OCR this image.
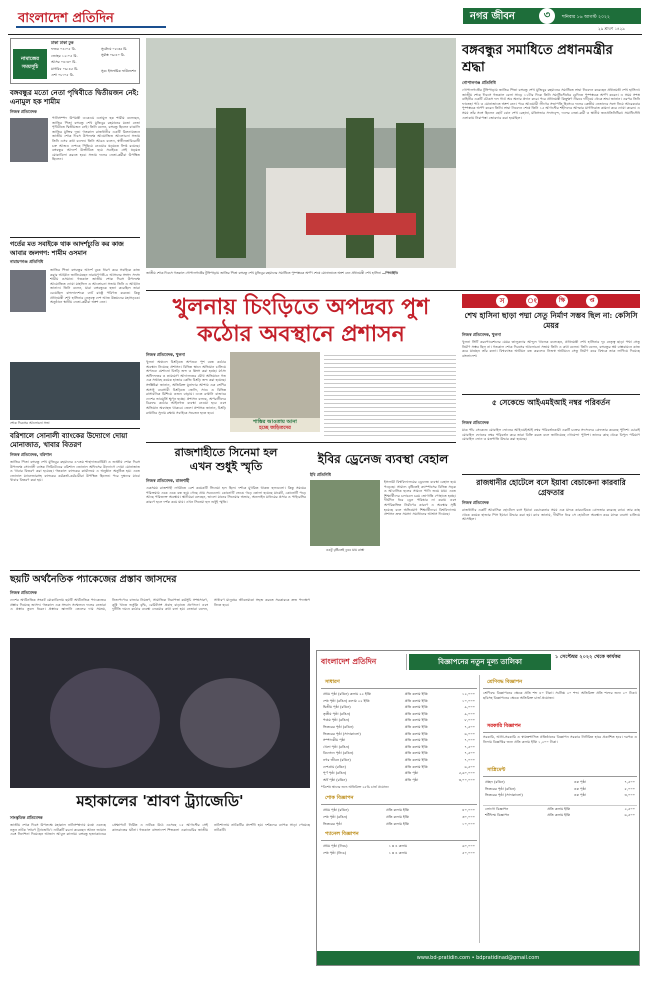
বাংলাদেশ প্রতিদিন	নগর জীবন	৩	শনিবার ১৬ আগস্ট ২০২২
২৯ শ্রাবণ ১৪২৯
ঢাকা ঢাকা ঢুক
নামাজের
সময়সূচি
ফজর ০৪:০৫ মি.
জোহর ১২:০৫ মি.
আসর ০৪:৩০ মি.
মাগরিব ০৬:৪৫ মি.
এশা ০৮:০৫ মি.
সূর্যোদয় ০৫:৩৫ মি.
সূর্যাস্ত ০৬:৪০ মি.
সূত্র: ইসলামিক ফাউন্ডেশন
বঙ্গবন্ধুর মতো নেতা পৃথিবীতে দ্বিতীয়জন নেই: এনামুল হক শামীম
নিজস্ব প্রতিবেদক
পানিসম্পদ উপমন্ত্রী একেএম এনামুল হক শামীম বলেছেন, জাতির পিতা বঙ্গবন্ধু শেখ মুজিবুর রহমানের মতো নেতা পৃথিবীতে দ্বিতীয়জন নেই। তিনি বলেন, বঙ্গবন্ধু ছিলেন বাঙালি জাতির মুক্তির দূত। গতকাল রাজধানীর একটি মিলনায়তনে জাতীয় শোক দিবস উপলক্ষে আয়োজিত আলোচনা সভায় তিনি এসব কথা বলেন। তিনি আরও বলেন, স্বাধীনতাবিরোধী চক্র আজও দেশকে পিছিয়ে নেওয়ার ষড়যন্ত্রে লিপ্ত রয়েছে। বঙ্গবন্ধুর আদর্শে উজ্জীবিত হয়ে সবাইকে সেই ষড়যন্ত্র মোকাবিলা করতে হবে। সভায় দলের নেতা-কর্মীরা উপস্থিত ছিলেন।
গর্তের মত সবাইকে থাক আদর্শচ্যুতি কর কাজ আবার জলগণ: শামীম ওসমান
নারায়ণগঞ্জ প্রতিনিধি
জাতির পিতা বঙ্গবন্ধুর আদর্শ বুকে ধারণ করে সবাইকে কাজ করার আহ্বান জানিয়েছেন নারায়ণগঞ্জ-৪ আসনের সংসদ সদস্য শামীম ওসমান। গতকাল জাতীয় শোক দিবস উপলক্ষে আয়োজিত দোয়া মাহফিল ও আলোচনা সভায় তিনি এ আহ্বান জানান। তিনি বলেন, যারা বঙ্গবন্ধুকে হত্যা করেছিল তারা চেয়েছিল বাংলাদেশকে ব্যর্থ রাষ্ট্রে পরিণত করতে। কিন্তু প্রধানমন্ত্রী শেখ হাসিনার নেতৃত্বে দেশ আজ উন্নয়নের মহাসড়কে। অনুষ্ঠানে স্থানীয় নেতা-কর্মীরা অংশ নেন।
শোক দিবসের আলোচনা সভা
বরিশালে সোনালী ব্যাংকের উদ্যোগে দোয়া মোনাজাত, খাবার বিতরণ
নিজস্ব প্রতিবেদক, বরিশাল
জাতির পিতা বঙ্গবন্ধু শেখ মুজিবুর রহমানের ৪৭তম শাহাদাতবার্ষিকী ও জাতীয় শোক দিবস উপলক্ষে সোনালী ব্যাংক লিমিটেডের বরিশাল জোনাল অফিসের উদ্যোগে দোয়া মোনাজাত ও খাবার বিতরণ করা হয়েছে। গতকাল ব্যাংকের কার্যালয়ে এ অনুষ্ঠান অনুষ্ঠিত হয়। এতে জোনাল ম্যানেজারসহ ব্যাংকের কর্মকর্তা-কর্মচারীরা উপস্থিত ছিলেন। পরে দুস্থদের মাঝে খাবার বিতরণ করা হয়।
জাতীয় শোক দিবসে গতকাল গোপালগঞ্জের টুঙ্গিপাড়ায় জাতির পিতা বঙ্গবন্ধু শেখ মুজিবুর রহমানের সমাধিতে পুষ্পস্তবক অর্পণ শেষে মোনাজাতে অংশ নেন প্রধানমন্ত্রী শেখ হাসিনা —পিআইডি
বঙ্গবন্ধুর সমাধিতে প্রধানমন্ত্রীর শ্রদ্ধা
গোপালগঞ্জ প্রতিনিধি
গোপালগঞ্জের টুঙ্গিপাড়ায় জাতির পিতা বঙ্গবন্ধু শেখ মুজিবুর রহমানের সমাধিতে শ্রদ্ধা নিবেদন করেছেন প্রধানমন্ত্রী শেখ হাসিনা। জাতীয় শোক দিবসে গতকাল বেলা সাড়ে ১১টার দিকে তিনি সমাধিসৌধের বেদিতে পুষ্পস্তবক অর্পণ করেন। এ সময় সশস্ত্র বাহিনীর একটি চৌকস দল গার্ড অব অনার প্রদান করে। পরে প্রধানমন্ত্রী কিছুক্ষণ নীরবে দাঁড়িয়ে থেকে শ্রদ্ধা জানান। এরপর তিনি ফাতেহা পাঠ ও মোনাজাতে অংশ নেন। পরে আওয়ামী লীগের সভাপতি হিসেবে দলের কেন্দ্রীয় নেতাদের সঙ্গে নিয়ে আরেকবার পুষ্পস্তবক অর্পণ করেন তিনি। শ্রদ্ধা নিবেদন শেষে তিনি ১৫ আগস্টের শহীদদের আত্মার মাগফিরাত কামনা করে দোয়া করেন। এ সময় তাঁর সঙ্গে ছিলেন ছোট বোন শেখ রেহানা, মন্ত্রিসভার সদস্যবৃন্দ, দলের নেতা-কর্মী ও স্থানীয় জনপ্রতিনিধিরা। সমাধিসৌধ এলাকায় নিরাপত্তা জোরদার করা হয়েছিল।
খুলনায় চিংড়িতে অপদ্রব্য পুশ
কঠোর অবস্থানে প্রশাসন
নিজস্ব প্রতিবেদক, খুলনা
খুলনা অঞ্চলে চিংড়িতে অপদ্রব্য পুশ বন্ধে কঠোর অবস্থান নিয়েছে প্রশাসন। বিভিন্ন স্থানে অভিযান চালিয়ে অপদ্রব্য মেশানো চিংড়ি জব্দ ও ধ্বংস করা হচ্ছে। মৎস্য অধিদফতর ও ভ্রাম্যমাণ আদালতের যৌথ অভিযানে গত এক সপ্তাহে কয়েক হাজার কেজি চিংড়ি জব্দ করা হয়েছে। সংশ্লিষ্টরা জানান, অতিরিক্ত মুনাফার আশায় এক শ্রেণির অসাধু ব্যবসায়ী চিংড়িতে জেলি, সাগু ও বিভিন্ন রাসায়নিক মিশিয়ে ওজন বাড়ায়। এতে রপ্তানি বাজারে দেশের ভাবমূর্তি ক্ষুণ্ন হচ্ছে। প্রশাসন বলছে, অপরাধীদের বিরুদ্ধে কঠোর আইনগত ব্যবস্থা নেওয়া হবে এবং অভিযান অব্যাহত থাকবে। জেলা প্রশাসক জানান, চিংড়ি রপ্তানির সুনাম রক্ষায় সবাইকে সচেতন হতে হবে।
শাস্তির আওতায় আনা
হচ্ছে জড়িতদের
স	ং	ক্ষি	প্ত
শেখ হাসিনা ছাড়া পদ্মা সেতু নির্মাণ সম্ভব ছিল না: কেসিসি মেয়র
নিজস্ব প্রতিবেদক, খুলনা
খুলনা সিটি করপোরেশনের মেয়র তালুকদার আব্দুল খালেক বলেছেন, প্রধানমন্ত্রী শেখ হাসিনার দৃঢ় নেতৃত্ব ছাড়া পদ্মা সেতু নির্মাণ সম্ভব ছিল না। গতকাল শোক দিবসের আলোচনা সভায় তিনি এ কথা বলেন। তিনি বলেন, বঙ্গবন্ধুর স্বপ্ন বাস্তবায়নে কাজ করে যাচ্ছেন তাঁর কন্যা। বিশ্বব্যাংক অর্থায়ন বন্ধ করলেও নিজস্ব অর্থায়নে সেতু নির্মাণ করে বিশ্বকে তাক লাগিয়ে দিয়েছে বাংলাদেশ।
৫ সেকেন্ডে আইএমইআই নম্বর পরিবর্তন
নিজস্ব প্রতিবেদক
মাত্র পাঁচ সেকেন্ডে মোবাইল ফোনের আইএমইআই নম্বর পরিবর্তনকারী একটি চক্রের সদস্যদের গ্রেফতার করেছে পুলিশ। চোরাই মোবাইল ফোনের নম্বর পরিবর্তন করে তারা বিক্রি করত বলে জানিয়েছে গোয়েন্দা পুলিশ। তাদের কাছ থেকে বিপুল পরিমাণ মোবাইল ফোন ও যন্ত্রপাতি উদ্ধার করা হয়েছে।
রাজধানীর হোটেলে বসে ইয়াবা বেচাকেনা কারবারি গ্রেফতার
নিজস্ব প্রতিবেদক
রাজধানীর একটি আবাসিক হোটেলে বসে ইয়াবা বেচাকেনার সময় এক মাদক কারবারিকে গ্রেফতার করেছে র‌্যাব। তার কাছ থেকে কয়েক হাজার পিস ইয়াবা উদ্ধার করা হয়। র‌্যাব জানায়, দীর্ঘদিন ধরে সে হোটেলে অবস্থান করে মাদক ব্যবসা চালিয়ে আসছিল।
রাজশাহীতে সিনেমা হল
এখন শুধুই স্মৃতি
নিজস্ব প্রতিবেদক, রাজশাহী
একসময় রাজশাহী নগরীতে বেশ কয়েকটি সিনেমা হল ছিল। দর্শকে মুখরিত থাকত হলগুলো। কিন্তু সময়ের পরিক্রমায় একে একে বন্ধ হয়ে গেছে প্রায় সবগুলো। কোনোটি ভেঙে গড়ে তোলা হয়েছে মার্কেট, কোনোটি পড়ে আছে পরিত্যক্ত অবস্থায়। স্থানীয়রা বলছেন, ভালো মানের সিনেমার অভাব, অনলাইন মাধ্যমের প্রসার ও পাইরেসির কারণে হলে দর্শক কমে যায়। এখন সিনেমা হল শুধুই স্মৃতি।
ইবির ড্রেনেজ ব্যবস্থা বেহাল
ইবি প্রতিনিধি
ইসলামী বিশ্ববিদ্যালয়ের ড্রেনেজ ব্যবস্থা বেহাল হয়ে পড়েছে। সামান্য বৃষ্টিতেই ক্যাম্পাসের বিভিন্ন সড়ক ও আবাসিক হলের সামনে পানি জমে যায়। এতে শিক্ষার্থীদের চলাচলে চরম ভোগান্তি পোহাতে হচ্ছে। দীর্ঘদিন ধরে ড্রেন পরিষ্কার না করায় এবং অপরিকল্পিত নির্মাণের কারণে এ অবস্থার সৃষ্টি হয়েছে বলে অভিযোগ শিক্ষার্থীদের। বিশ্ববিদ্যালয় প্রশাসন দ্রুত সমস্যা সমাধানের আশ্বাস দিয়েছে।
একটু বৃষ্টিতেই ডুবে যায় রাস্তা
ছয়টি অর্থনৈতিক প্যাকেজের প্রস্তাব জাসদের
নিজস্ব প্রতিবেদক
দেশের অর্থনৈতিক সংকট মোকাবিলায় ছয়টি অর্থনৈতিক প্যাকেজের প্রস্তাব দিয়েছে জাসদ। গতকাল এক সংবাদ সম্মেলনে দলের নেতারা এ প্রস্তাব তুলে ধরেন। প্রস্তাবে জ্বালানি তেলের দাম সমন্বয়, নিত্যপণ্যের বাজার নিয়ন্ত্রণ, সামাজিক নিরাপত্তা কর্মসূচি সম্প্রসারণ, কৃষি খাতে ভর্তুকি বৃদ্ধি, রেমিট্যান্স প্রবাহ বাড়াতে প্রণোদনা এবং দুর্নীতি দমনে কঠোর ব্যবস্থা নেওয়ার কথা বলা হয়। নেতারা বলেন, সাধারণ মানুষের জীবনযাত্রা সহজ করতে সরকারকে দ্রুত পদক্ষেপ নিতে হবে।
মহাকালের 'শ্রাবণ ট্র্যাজেডি'
সাংস্কৃতিক প্রতিবেদক
জাতীয় শোক দিবস উপলক্ষে মহাকাল নাট্যসম্প্রদায় মঞ্চে এনেছে নতুন নাটক 'শ্রাবণ ট্র্যাজেডি'। নাটকটি রচনা করেছেন আনন জামান এবং নির্দেশনা দিয়েছেন আজাদ আবুল কালাম। বঙ্গবন্ধু হত্যাকাণ্ডের প্রেক্ষাপটে নির্মিত এ নাটকে উঠে এসেছে ১৫ আগস্টের সেই কালরাতের ঘটনা। গতকাল বাংলাদেশ শিল্পকলা একাডেমির জাতীয় নাট্যশালায় নাটকটির প্রদর্শনী হয়। দর্শকদের ব্যাপক সাড়া পেয়েছে নাটকটি।
বাংলাদেশ প্রতিদিন	বিজ্ঞাপনের নতুন মূল্য তালিকা
১ সেপ্টেম্বর ২০২২ থেকে কার্যকর
সাধারণ
প্রথম পৃষ্ঠা (রঙিন) কলাম ২২ ইঞ্চি	প্রতি কলাম ইঞ্চি	১২,০০০
শেষ পৃষ্ঠা (রঙিন) কলাম ২২ ইঞ্চি	প্রতি কলাম ইঞ্চি	১০,০০০
দ্বিতীয় পৃষ্ঠা (রঙিন)	প্রতি কলাম ইঞ্চি	৯,০০০
তৃতীয় পৃষ্ঠা (রঙিন)	প্রতি কলাম ইঞ্চি	৯,০০০
পঞ্চম পৃষ্ঠা (রঙিন)	প্রতি কলাম ইঞ্চি	৮,০০০
ভিতরের পৃষ্ঠা (রঙিন)	প্রতি কলাম ইঞ্চি	৭,৫০০
ভিতরের পৃষ্ঠা (সাদাকালো)	প্রতি কলাম ইঞ্চি	৬,০০০
সম্পাদকীয় পৃষ্ঠা	প্রতি কলাম ইঞ্চি	৭,০০০
খেলা পৃষ্ঠা (রঙিন)	প্রতি কলাম ইঞ্চি	৭,৫০০
বিনোদন পৃষ্ঠা (রঙিন)	প্রতি কলাম ইঞ্চি	৭,৫০০
নগর জীবন (রঙিন)	প্রতি কলাম ইঞ্চি	৭,০০০
দেশগ্রাম (রঙিন)	প্রতি কলাম ইঞ্চি	৬,৫০০
পূর্ণ পৃষ্ঠা (রঙিন)	প্রতি পৃষ্ঠা	৫,৬০,০০০
অর্ধ পৃষ্ঠা (রঙিন)	প্রতি পৃষ্ঠা	৩,০০,০০০
*বিশেষ স্থানের জন্য অতিরিক্ত ২৫% চার্জ প্রযোজ্য
শোক বিজ্ঞাপন
প্রথম পৃষ্ঠা (রঙিন)	প্রতি কলাম ইঞ্চি	৪০,০০০
শেষ পৃষ্ঠা (রঙিন)	প্রতি কলাম ইঞ্চি	৩০,০০০
ভিতরের পৃষ্ঠা	প্রতি কলাম ইঞ্চি	১০,০০০
প্যানেল বিজ্ঞাপন
প্রথম পৃষ্ঠা (নিচে)	১ x ৪ কলাম	৬০,০০০
শেষ পৃষ্ঠা (নিচে)	১ x ৪ কলাম	৫০,০০০
শ্রেণিবদ্ধ বিজ্ঞাপন
শ্রেণিবদ্ধ বিজ্ঞাপনের ক্ষেত্রে প্রতি শব্দ ৪০ টাকা। সর্বনিম্ন ২০ শব্দ। অতিরিক্ত প্রতি শব্দের জন্য ২০ টাকা। ছবিসহ বিজ্ঞাপনের ক্ষেত্রে অতিরিক্ত চার্জ প্রযোজ্য।
সরকারি বিজ্ঞাপন
সরকারি, আধা-সরকারি ও স্বায়ত্তশাসিত প্রতিষ্ঠানের বিজ্ঞাপন সরকার নির্ধারিত হারে প্রকাশিত হবে। দরপত্র ও নিলাম বিজ্ঞপ্তির জন্য প্রতি কলাম ইঞ্চি ১,২০০ টাকা।
সাপ্লিমেন্ট
প্রচ্ছদ (রঙিন)	এক পৃষ্ঠা	৭,৫০০
ভিতরের পৃষ্ঠা (রঙিন)	এক পৃষ্ঠা	৫,০০০
ভিতরের পৃষ্ঠা (সাদাকালো)	এক পৃষ্ঠা	৩,০০০
লোগো বিজ্ঞাপন	প্রতি কলাম ইঞ্চি	২,৫০০
শর্টফিল্ম বিজ্ঞাপন	প্রতি কলাম ইঞ্চি	৬,৫০০
www.bd-pratidin.com • bdpratidinad@gmail.com
